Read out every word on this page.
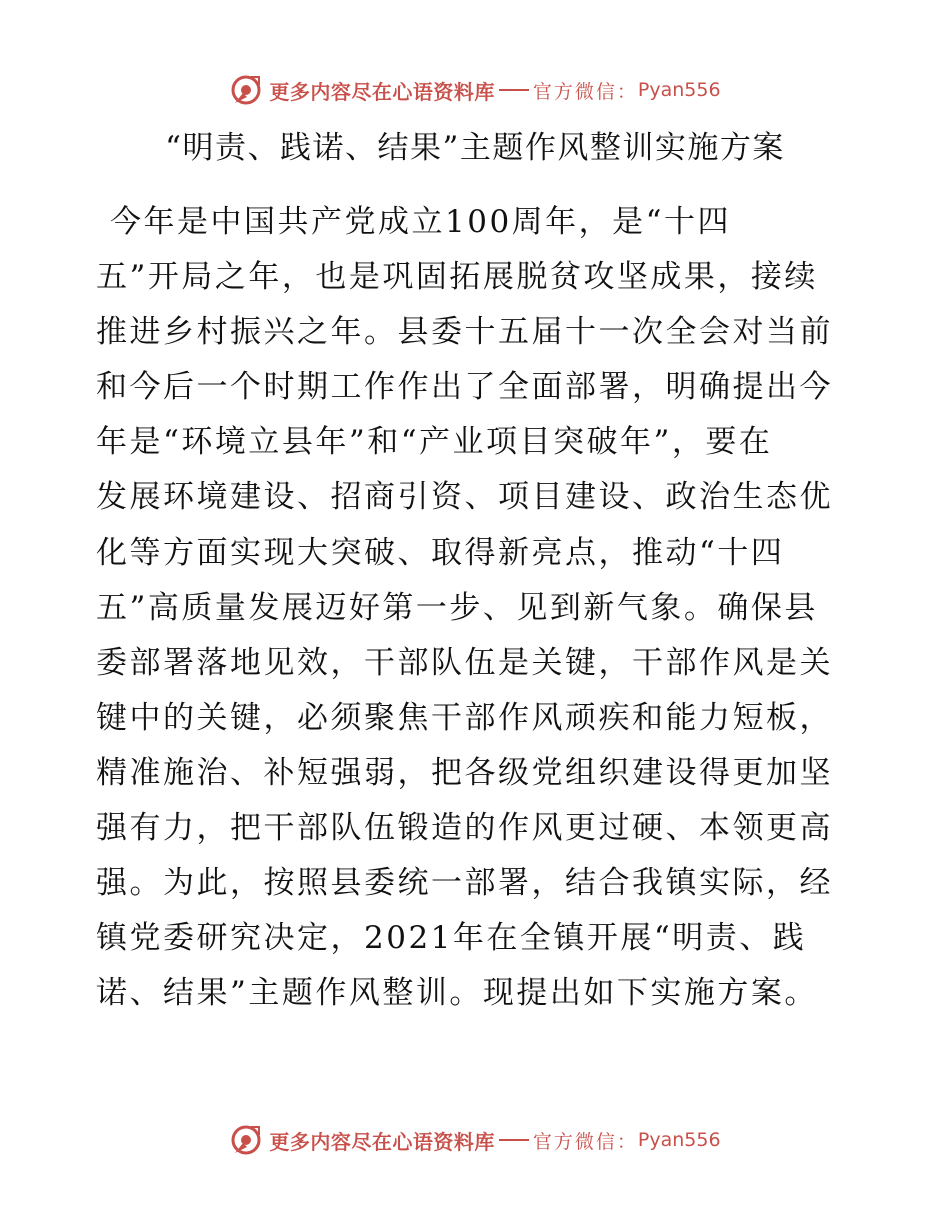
更多内容尽在心语资料库 官方微信： Pyan556
“明责、践诺、结果”主题作风整训实施方案
今年是中国共产党成立100周年，是“十四
五”开局之年，也是巩固拓展脱贫攻坚成果，接续
推进乡村振兴之年。县委十五届十一次全会对当前
和今后一个时期工作作出了全面部署，明确提出今
年是“环境立县年”和“产业项目突破年”，要在
发展环境建设、招商引资、项目建设、政治生态优
化等方面实现大突破、取得新亮点，推动“十四
五”高质量发展迈好第一步、见到新气象。确保县
委部署落地见效，干部队伍是关键，干部作风是关
键中的关键，必须聚焦干部作风顽疾和能力短板，
精准施治、补短强弱，把各级党组织建设得更加坚
强有力，把干部队伍锻造的作风更过硬、本领更高
强。为此，按照县委统一部署，结合我镇实际，经
镇党委研究决定，2021年在全镇开展“明责、践
诺、结果”主题作风整训。现提出如下实施方案。
更多内容尽在心语资料库 官方微信： Pyan556
